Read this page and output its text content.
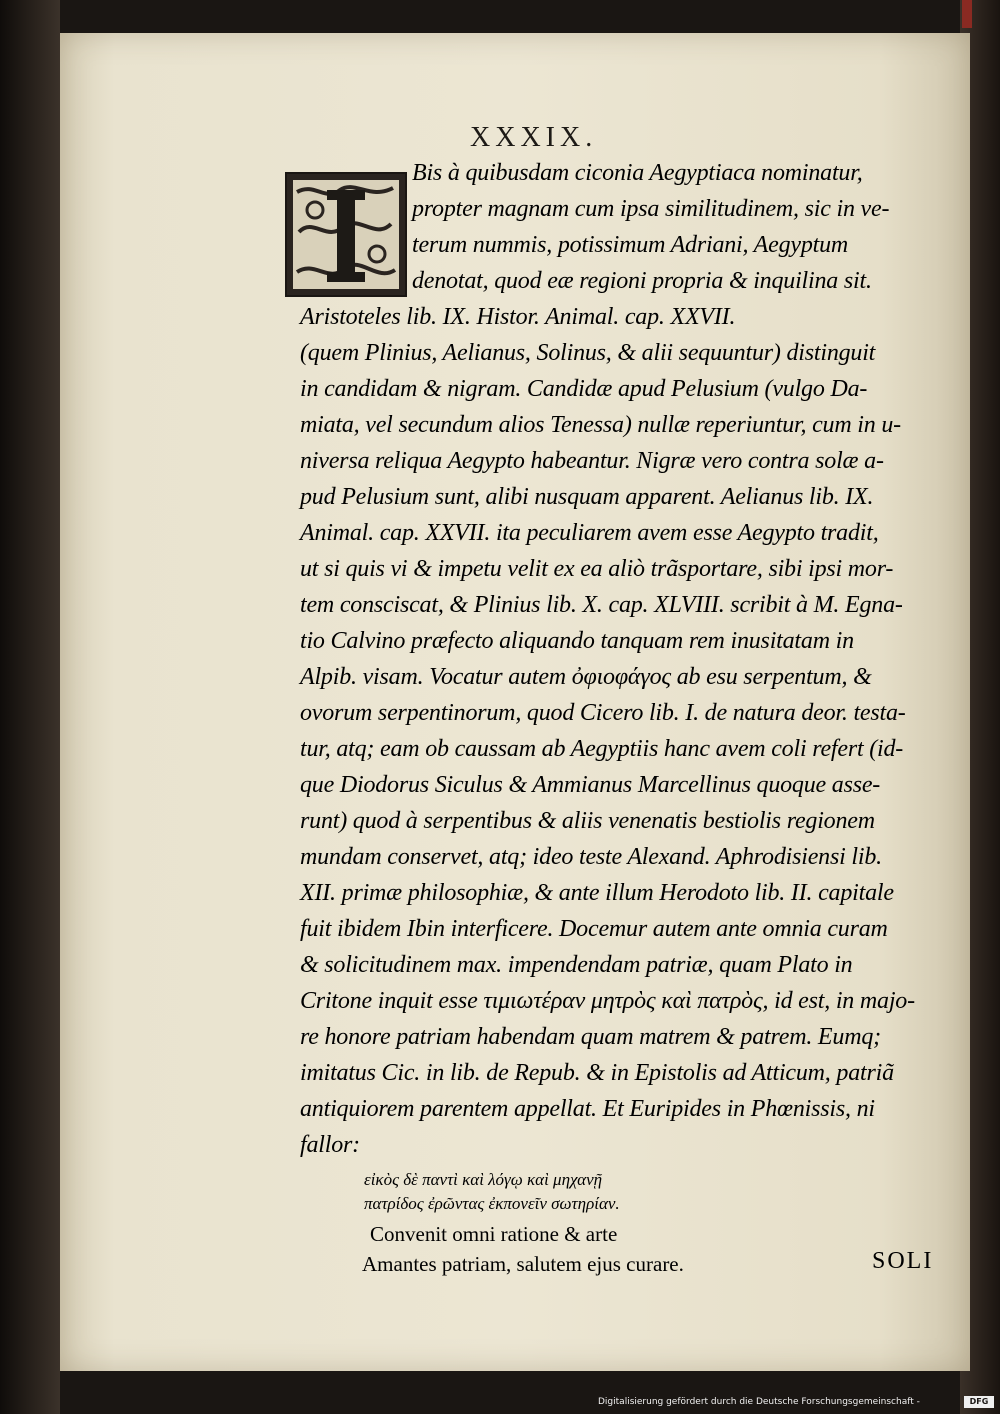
XXXIX.
Bis à quibusdam ciconia Aegyptiaca nominatur,
propter magnam cum ipsa similitudinem, sic in ve-
terum nummis, potissimum Adriani, Aegyptum
denotat, quod eæ regioni propria & inquilina sit.
Aristoteles lib. IX. Histor. Animal. cap. XXVII.
(quem Plinius, Aelianus, Solinus, & alii sequuntur) distinguit
in candidam & nigram. Candidæ apud Pelusium (vulgo Da-
miata, vel secundum alios Tenessa) nullæ reperiuntur, cum in u-
niversa reliqua Aegypto habeantur. Nigræ vero contra solæ a-
pud Pelusium sunt, alibi nusquam apparent. Aelianus lib. IX.
Animal. cap. XXVII. ita peculiarem avem esse Aegypto tradit,
ut si quis vi & impetu velit ex ea aliò trãsportare, sibi ipsi mor-
tem consciscat, & Plinius lib. X. cap. XLVIII. scribit à M. Egna-
tio Calvino præfecto aliquando tanquam rem inusitatam in
Alpib. visam. Vocatur autem ὀφιοφάγος ab esu serpentum, &
ovorum serpentinorum, quod Cicero lib. I. de natura deor. testa-
tur, atq; eam ob caussam ab Aegyptiis hanc avem coli refert (id-
que Diodorus Siculus & Ammianus Marcellinus quoque asse-
runt) quod à serpentibus & aliis venenatis bestiolis regionem
mundam conservet, atq; ideo teste Alexand. Aphrodisiensi lib.
XII. primæ philosophiæ, & ante illum Herodoto lib. II. capitale
fuit ibidem Ibin interficere. Docemur autem ante omnia curam
& solicitudinem max. impendendam patriæ, quam Plato in
Critone inquit esse τιμιωτέραν μητρὸς καὶ πατρὸς, id est, in majo-
re honore patriam habendam quam matrem & patrem. Eumq;
imitatus Cic. in lib. de Repub. & in Epistolis ad Atticum, patriã
antiquiorem parentem appellat. Et Euripides in Phœnissis, ni
fallor:
εἰκὸς δὲ παντὶ καὶ λόγῳ καὶ μηχανῇ
πατρίδος ἐρῶντας ἐκπονεῖν σωτηρίαν.
Convenit omni ratione & arte
Amantes patriam, salutem ejus curare.	SOLI
Digitalisierung gefördert durch die Deutsche Forschungsgemeinschaft -	DFG
